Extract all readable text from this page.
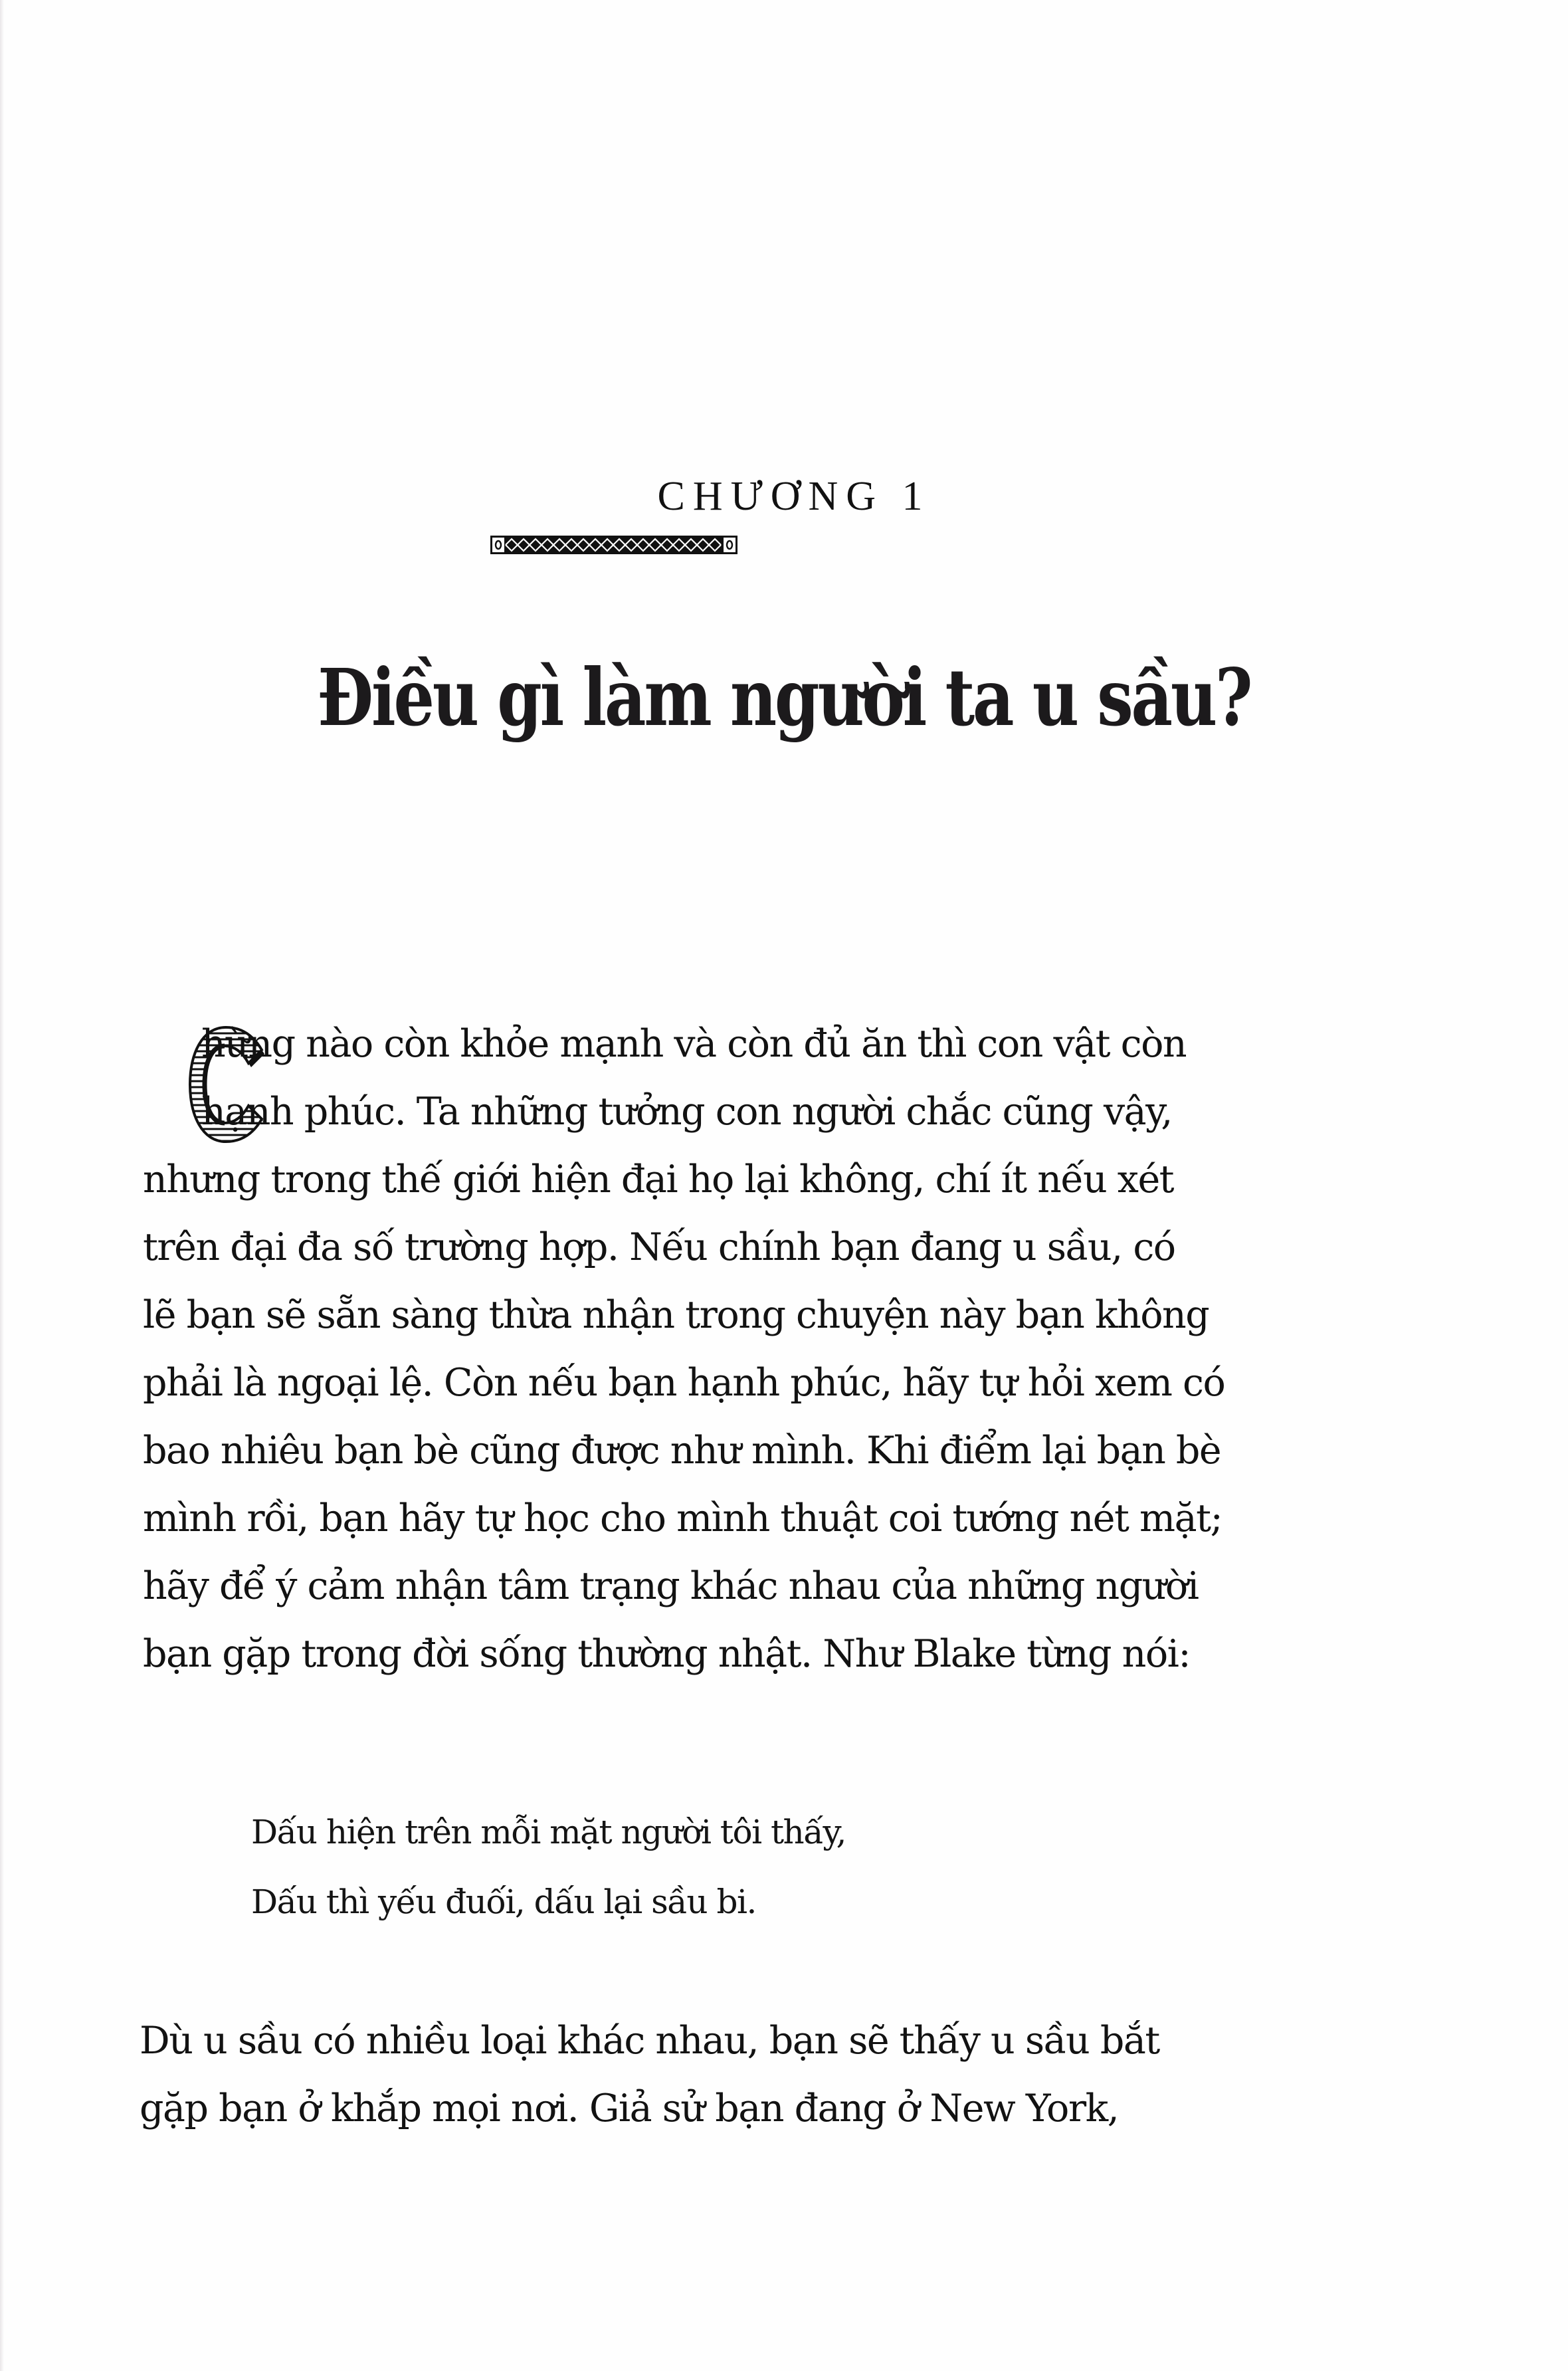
CHƯƠNG 1
Điều gì làm người ta u sầu?
hừng nào còn khỏe mạnh và còn đủ ăn thì con vật còn
hạnh phúc. Ta những tưởng con người chắc cũng vậy,
nhưng trong thế giới hiện đại họ lại không, chí ít nếu xét
trên đại đa số trường hợp. Nếu chính bạn đang u sầu, có
lẽ bạn sẽ sẵn sàng thừa nhận trong chuyện này bạn không
phải là ngoại lệ. Còn nếu bạn hạnh phúc, hãy tự hỏi xem có
bao nhiêu bạn bè cũng được như mình. Khi điểm lại bạn bè
mình rồi, bạn hãy tự học cho mình thuật coi tướng nét mặt;
hãy để ý cảm nhận tâm trạng khác nhau của những người
bạn gặp trong đời sống thường nhật. Như Blake từng nói:
Dấu hiện trên mỗi mặt người tôi thấy,
Dấu thì yếu đuối, dấu lại sầu bi.
Dù u sầu có nhiều loại khác nhau, bạn sẽ thấy u sầu bắt
gặp bạn ở khắp mọi nơi. Giả sử bạn đang ở New York,
